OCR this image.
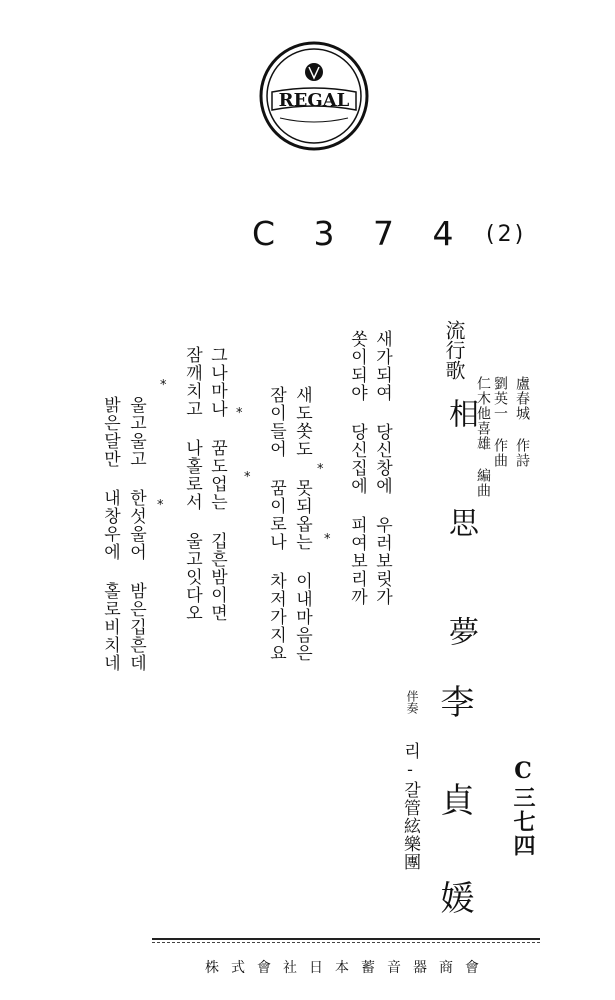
REGAL
C 3 7 4 (2)
流行歌
相 思 夢	盧春城 作詩
劉英一 作曲
仁木他喜雄 編曲
李 貞 媛
伴奏
리-갈管絃樂團	C三七四
새가되여 당신창에 우러보릿가
쏫이되야 당신집에 피여보리까
*
*
새도쏫도 못되옵는 이내마음은
잠이들어 꿈이로나 차저가지요
*
*
그나마나 꿈도업는 깁흔밤이면
잠깨치고 나홀로서 울고잇다오
*
*
울고울고 한섯울어 밤은깁흔데
밝은달만 내창우에 홀로비치네
株式會社日本蓄音器商會
